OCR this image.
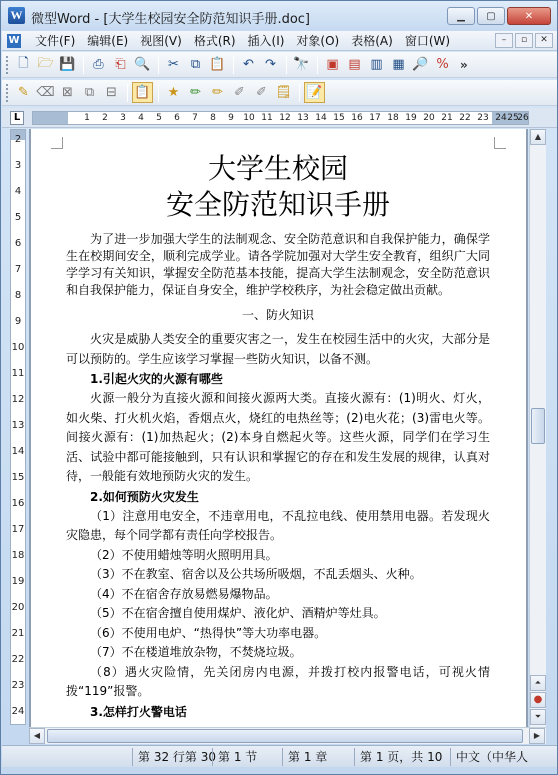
W 微型Word - [大学生校园安全防范知识手册.doc]	▁	▢	✕
W	文件(F)	编辑(E)	视图(V)	格式(R)	插入(I)	对象(O)	表格(A)	窗口(W)	–	▫	✕
🗋 🗁 💾	⎙ ⎗ 🔍	✂ ⧉ 📋	↶ ↷	🔭	▣ ▤ ▥ ▦ 🔎 % »
✎ ⌫ ⊠ ⧉ ⊟	📋	★ ✏ ✏ ✐ ✐ 🗒 📝
L	1 2 3 4 5 6 7 8 9 10 11 12 13 14 15 16 17 18 19 20 21 22 23 24 25
26
2
3
4
5
6
7
8
9
10
11
12
13
14
15
16
17
18
19
20
21
22
23
24
大学生校园
安全防范知识手册
为了进一步加强大学生的法制观念、安全防范意识和自我保护能力，确保学生在校期间安全，顺利完成学业。请各学院加强对大学生安全教育，组织广大同学学习有关知识，掌握安全防范基本技能，提高大学生法制观念，安全防范意识和自我保护能力，保证自身安全，维护学校秩序，为社会稳定做出贡献。
一、防火知识
火灾是威胁人类安全的重要灾害之一，发生在校园生活中的火灾，大部分是可以预防的。学生应该学习掌握一些防火知识，以备不测。
1.引起火灾的火源有哪些
火源一般分为直接火源和间接火源两大类。直接火源有：(1)明火、灯火，如火柴、打火机火焰，香烟点火，烧红的电热丝等；(2)电火花；(3)雷电火等。间接火源有：(1)加热起火；(2)本身自燃起火等。这些火源，同学们在学习生活、试验中都可能接触到，只有认识和掌握它的存在和发生发展的规律，认真对待，一般能有效地预防火灾的发生。
2.如何预防火灾发生
（1）注意用电安全，不违章用电，不乱拉电线、使用禁用电器。若发现火灾隐患，每个同学都有责任向学校报告。
（2）不使用蜡烛等明火照明用具。
（3）不在教室、宿舍以及公共场所吸烟，不乱丢烟头、火种。
（4）不在宿舍存放易燃易爆物品。
（5）不在宿舍擅自使用煤炉、液化炉、酒精炉等灶具。
（6）不使用电炉、“热得快”等大功率电器。
（7）不在楼道堆放杂物，不焚烧垃圾。
（8）遇火灾险情，先关闭房内电源，并拨打校内报警电话，可视火情拨“119”报警。
3.怎样打火警电话
▲
⏶
●
⏷
◀	▶
第 32 行第 30 第 1 节	第 1 章	第 1 页，共 10	中文（中华人
